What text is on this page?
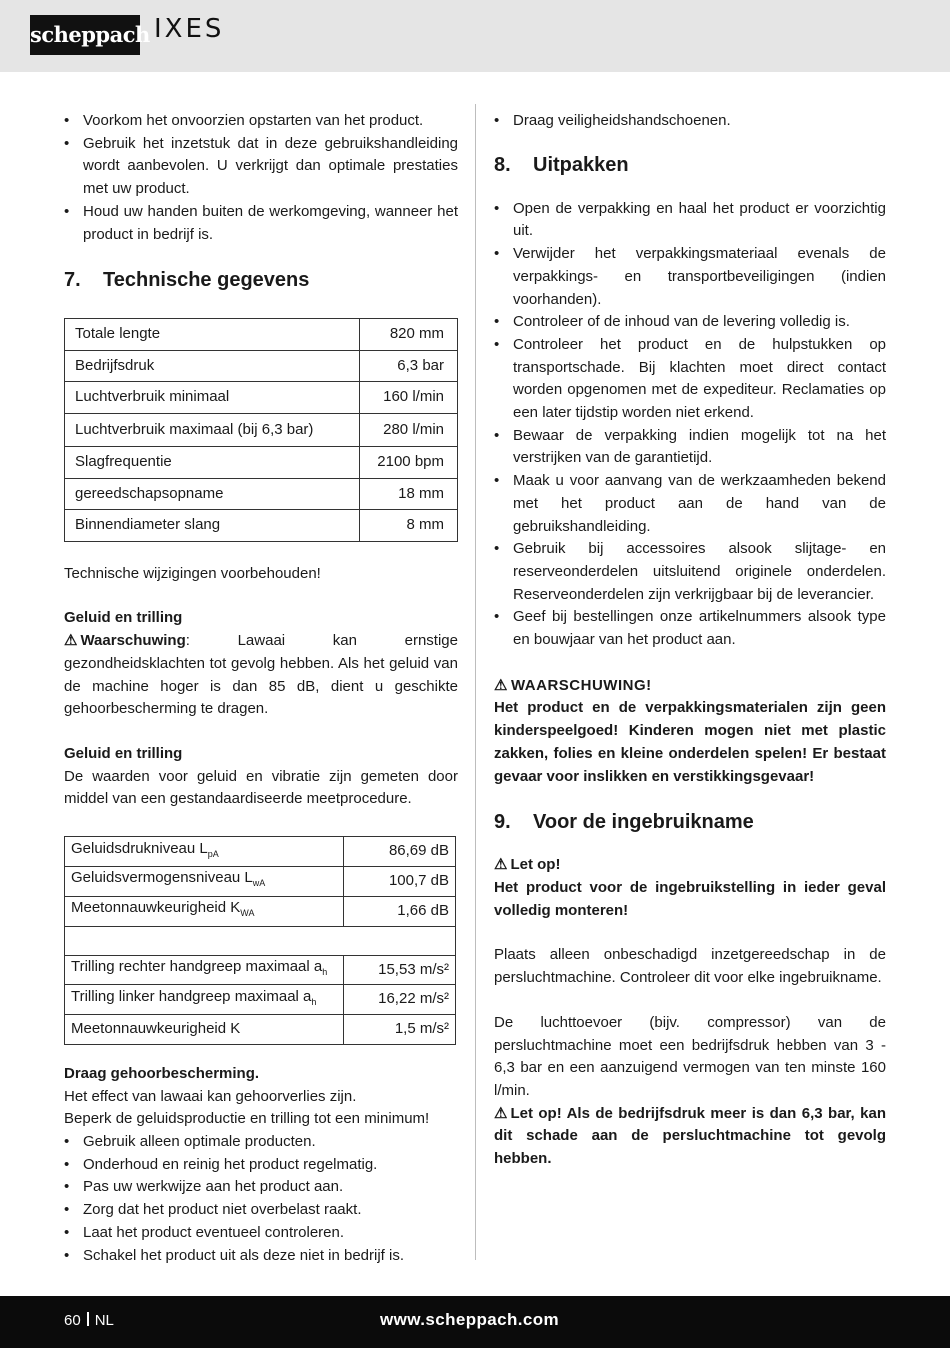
scheppach IXES
• Voorkom het onvoorzien opstarten van het product.
• Gebruik het inzetstuk dat in deze gebruikshandleiding wordt aanbevolen. U verkrijgt dan optimale prestaties met uw product.
• Houd uw handen buiten de werkomgeving, wanneer het product in bedrijf is.
7.	Technische gegevens
Totale lengte	820 mm
Bedrijfsdruk	6,3 bar
Luchtverbruik minimaal	160 l/min
Luchtverbruik maximaal (bij 6,3 bar)	280 l/min
Slagfrequentie	2100 bpm
gereedschapsopname	18 mm
Binnendiameter slang	8 mm

Technische wijzigingen voorbehouden!

Geluid en trilling

⚠ Waarschuwing: Lawaai kan ernstige gezondheidsklachten tot gevolg hebben. Als het geluid van de machine hoger is dan 85 dB, dient u geschikte gehoorbescherming te dragen.

Geluid en trilling

De waarden voor geluid en vibratie zijn gemeten door middel van een gestandaardiseerde meetprocedure.

Geluidsdrukniveau $L_{pA}$	86,69 dB
Geluidsvermogensniveau $L_{wA}$	100,7 dB
Meetonnauwkeurigheid $K_{WA}$	1,66 dB

Trilling rechter handgreep maximaal $a_h$	15,53 m/s²
Trilling linker handgreep maximaal $a_h$	16,22 m/s²
Meetonnauwkeurigheid K	1,5 m/s²

Draag gehoorbescherming.

Het effect van lawaai kan gehoorverlies zijn.

Beperk de geluidsproductie en trilling tot een minimum!

• Gebruik alleen optimale producten.
• Onderhoud en reinig het product regelmatig.
• Pas uw werkwijze aan het product aan.
• Zorg dat het product niet overbelast raakt.
• Laat het product eventueel controleren.
• Schakel het product uit als deze niet in bedrijf is.
• Draag veiligheidshandschoenen.
8.	Uitpakken
• Open de verpakking en haal het product er voorzichtig uit.
• Verwijder het verpakkingsmateriaal evenals de verpakkings- en transportbeveiligingen (indien voorhanden).
• Controleer of de inhoud van de levering volledig is.
• Controleer het product en de hulpstukken op transportschade. Bij klachten moet direct contact worden opgenomen met de expediteur. Reclamaties op een later tijdstip worden niet erkend.
• Bewaar de verpakking indien mogelijk tot na het verstrijken van de garantietijd.
• Maak u voor aanvang van de werkzaamheden bekend met het product aan de hand van de gebruikshandleiding.
• Gebruik bij accessoires alsook slijtage- en reserveonderdelen uitsluitend originele onderdelen. Reserveonderdelen zijn verkrijgbaar bij de leverancier.
• Geef bij bestellingen onze artikelnummers alsook type en bouwjaar van het product aan.

⚠ WAARSCHUWING!

Het product en de verpakkingsmaterialen zijn geen kinderspeelgoed! Kinderen mogen niet met plastic zakken, folies en kleine onderdelen spelen! Er bestaat gevaar voor inslikken en verstikkingsgevaar!

9.	Voor de ingebruikname

⚠ Let op!

Het product voor de ingebruikstelling in ieder geval volledig monteren!

Plaats alleen onbeschadigd inzetgereedschap in de persluchtmachine. Controleer dit voor elke ingebruikname.

De luchttoevoer (bijv. compressor) van de persluchtmachine moet een bedrijfsdruk hebben van 3 - 6,3 bar en een aanzuigend vermogen van ten minste 160 l/min.

⚠ Let op! Als de bedrijfsdruk meer is dan 6,3 bar, kan dit schade aan de persluchtmachine tot gevolg hebben.

60 NL	www.scheppach.com
